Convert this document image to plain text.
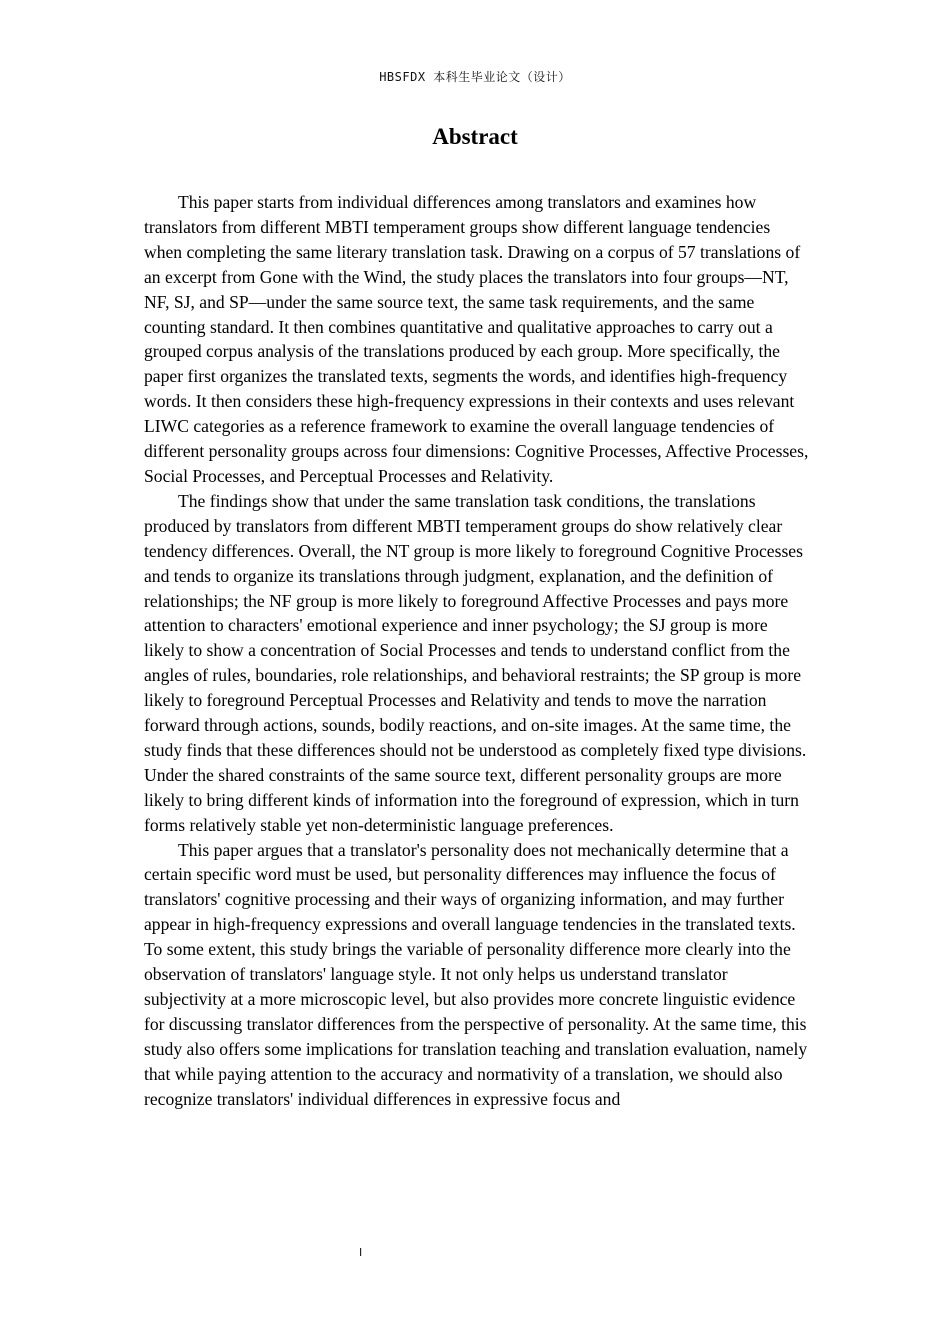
HBSFDX 本科生毕业论文（设计）
Abstract

This paper starts from individual differences among translators and examines how translators from different MBTI temperament groups show different language tendencies when completing the same literary translation task. Drawing on a corpus of 57 translations of an excerpt from Gone with the Wind, the study places the translators into four groups—NT, NF, SJ, and SP—under the same source text, the same task requirements, and the same counting standard. It then combines quantitative and qualitative approaches to carry out a grouped corpus analysis of the translations produced by each group. More specifically, the paper first organizes the translated texts, segments the words, and identifies high-frequency words. It then considers these high-frequency expressions in their contexts and uses relevant LIWC categories as a reference framework to examine the overall language tendencies of different personality groups across four dimensions: Cognitive Processes, Affective Processes, Social Processes, and Perceptual Processes and Relativity.

The findings show that under the same translation task conditions, the translations produced by translators from different MBTI temperament groups do show relatively clear tendency differences. Overall, the NT group is more likely to foreground Cognitive Processes and tends to organize its translations through judgment, explanation, and the definition of relationships; the NF group is more likely to foreground Affective Processes and pays more attention to characters' emotional experience and inner psychology; the SJ group is more likely to show a concentration of Social Processes and tends to understand conflict from the angles of rules, boundaries, role relationships, and behavioral restraints; the SP group is more likely to foreground Perceptual Processes and Relativity and tends to move the narration forward through actions, sounds, bodily reactions, and on-site images. At the same time, the study finds that these differences should not be understood as completely fixed type divisions. Under the shared constraints of the same source text, different personality groups are more likely to bring different kinds of information into the foreground of expression, which in turn forms relatively stable yet non-deterministic language preferences.

This paper argues that a translator's personality does not mechanically determine that a certain specific word must be used, but personality differences may influence the focus of translators' cognitive processing and their ways of organizing information, and may further appear in high-frequency expressions and overall language tendencies in the translated texts. To some extent, this study brings the variable of personality difference more clearly into the observation of translators' language style. It not only helps us understand translator subjectivity at a more microscopic level, but also provides more concrete linguistic evidence for discussing translator differences from the perspective of personality. At the same time, this study also offers some implications for translation teaching and translation evaluation, namely that while paying attention to the accuracy and normativity of a translation, we should also recognize translators' individual differences in expressive focus and

I
